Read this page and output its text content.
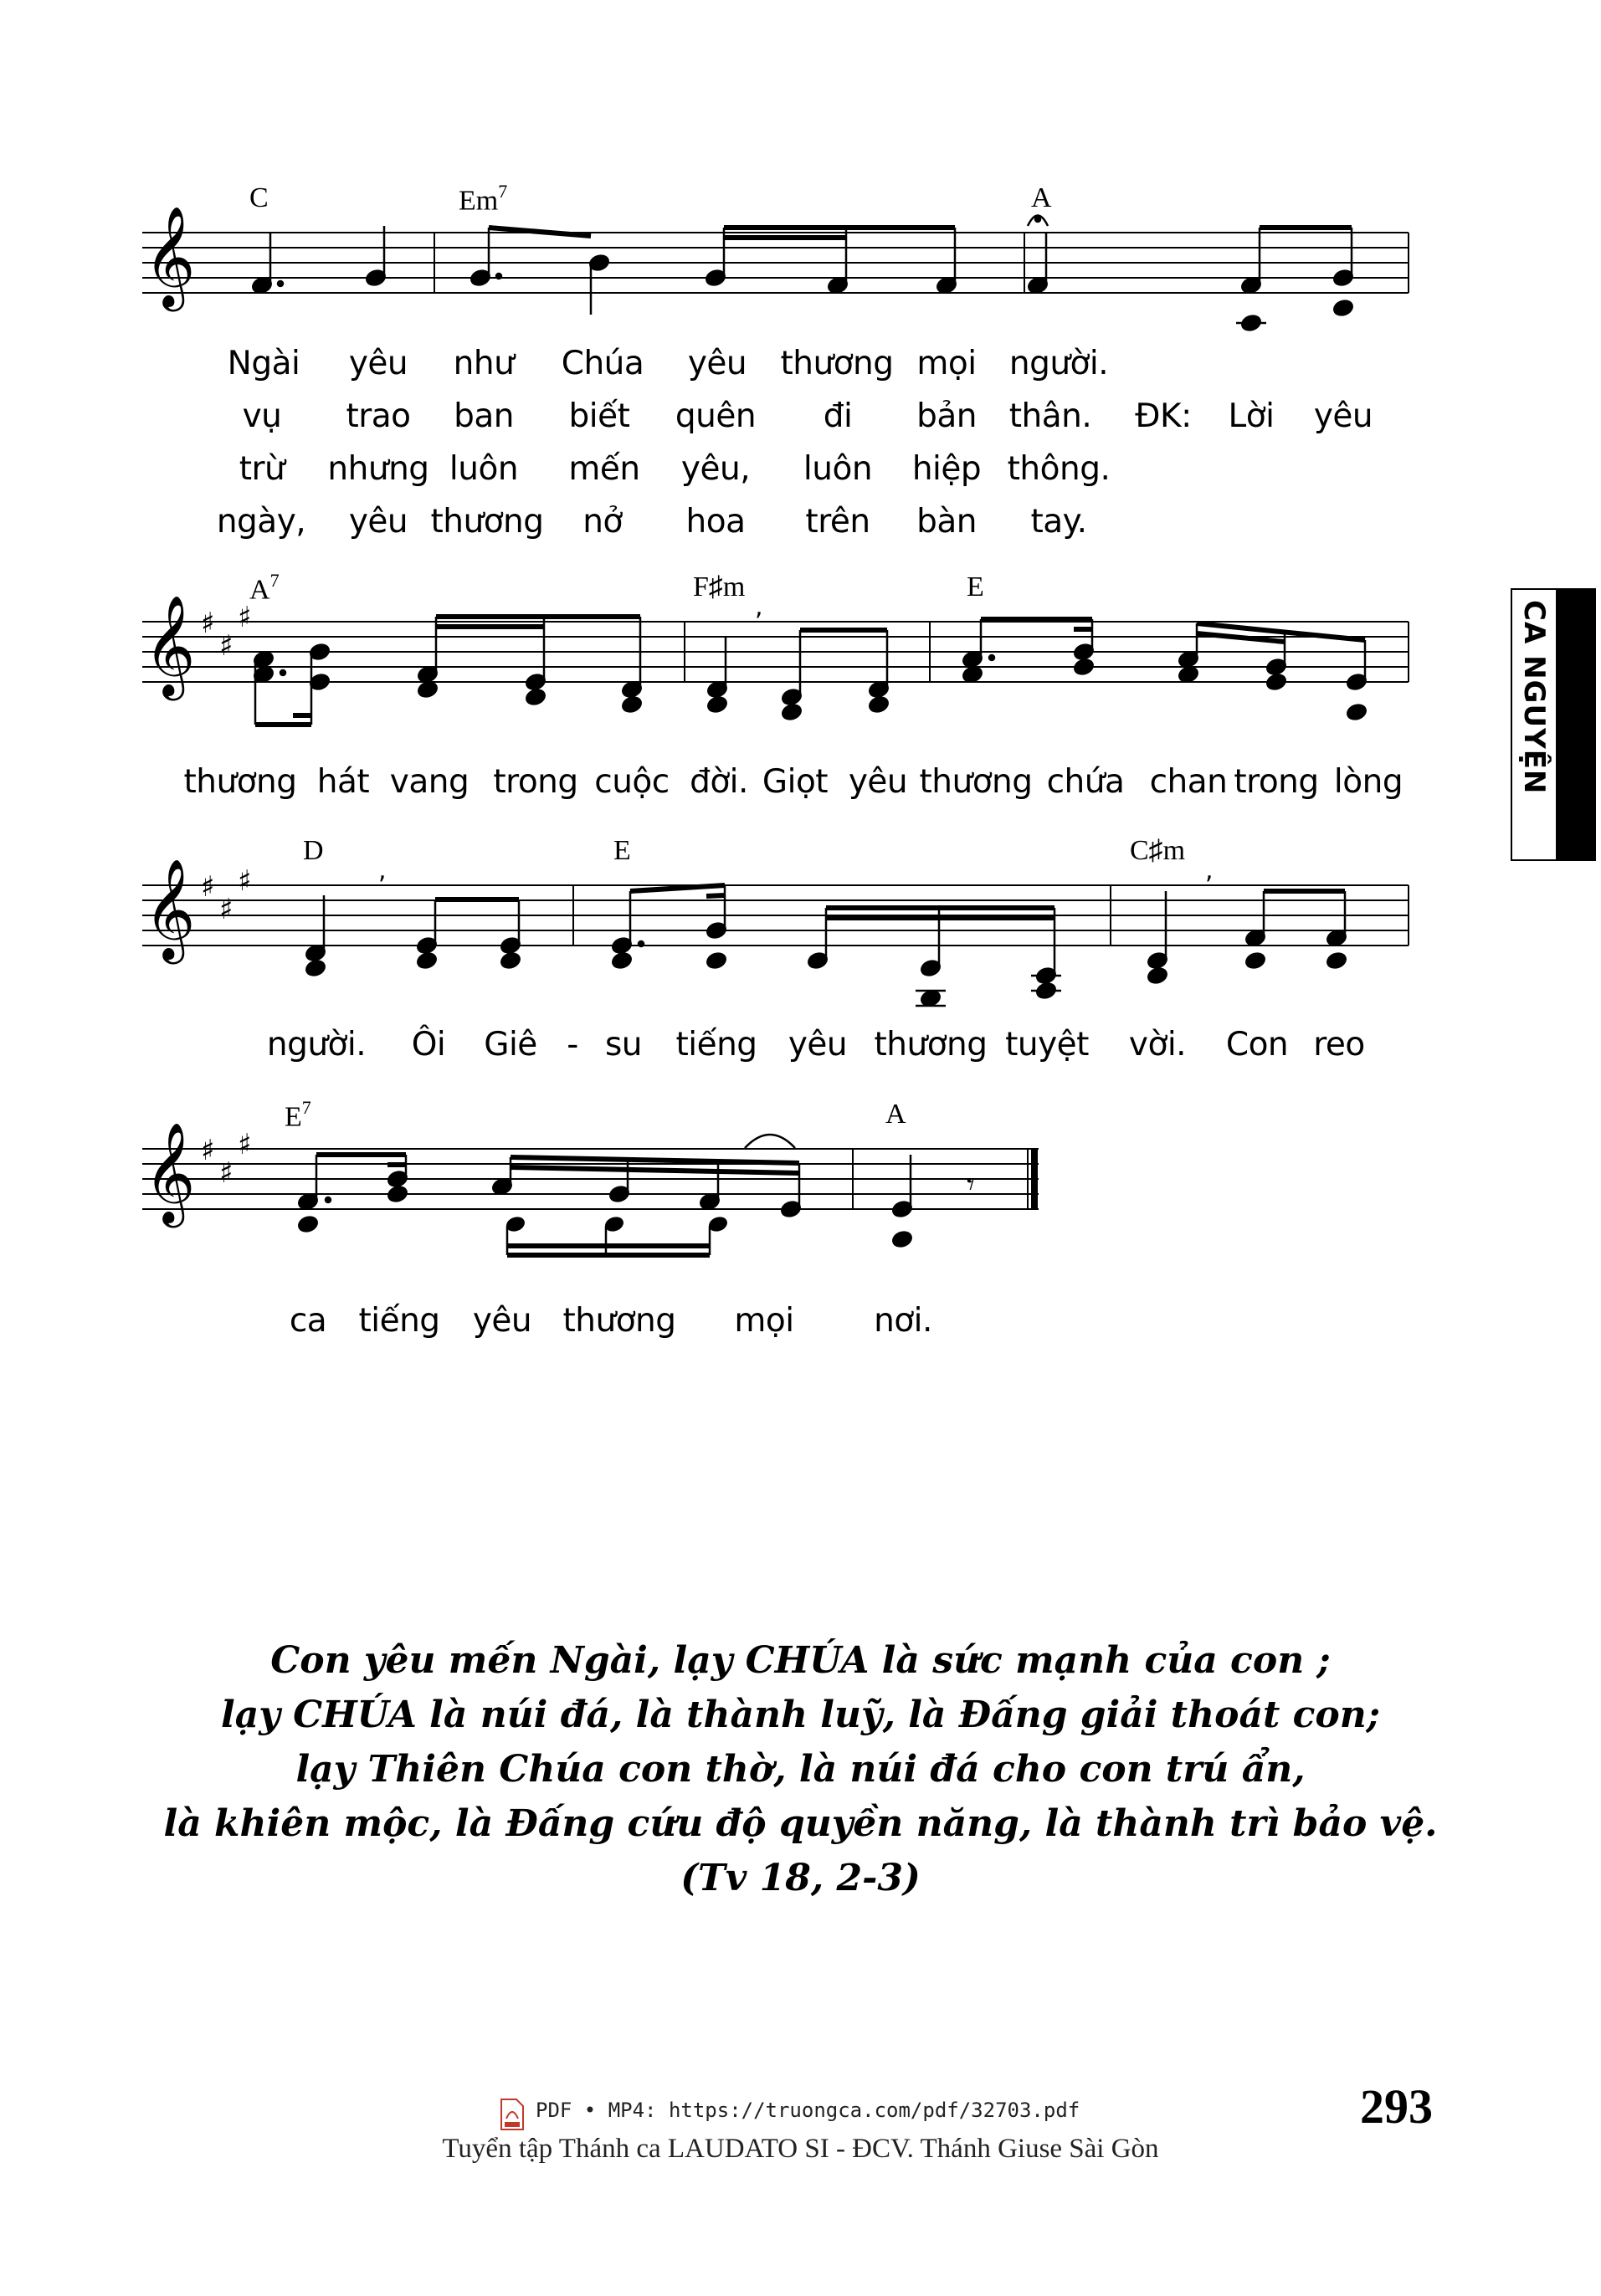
𝄞
𝄞
𝄞
𝄞
♯
♯
♯
♯
♯
♯
♯
♯
♯
,
,	,
𝄾
C	Em$^7$	A
$A^7$	F♯m	E
D	E	C♯m
$E^7$	A
Ngài yêu như Chúa yêu thương mọi người.
vụ trao ban biết quên đi bản thân. ĐK: Lời yêu
trừ nhưng luôn mến yêu, luôn hiệp thông.
ngày, yêu thương nở hoa trên bàn tay.
thương hát vang trong cuộc đời. Giọt yêu thương chứa chan trong lòng
người. Ôi Giê - su tiếng yêu thương tuyệt vời. Con reo
ca tiếng yêu thương mọi nơi.
CA NGUYỆN
Con yêu mến Ngài, lạy CHÚA là sức mạnh của con ;
lạy CHÚA là núi đá, là thành luỹ, là Đấng giải thoát con;
lạy Thiên Chúa con thờ, là núi đá cho con trú ẩn,
là khiên mộc, là Đấng cứu độ quyền năng, là thành trì bảo vệ.
(Tv 18, 2-3)
293
PDF • MP4: https://truongca.com/pdf/32703.pdf
Tuyển tập Thánh ca LAUDATO SI - ĐCV. Thánh Giuse Sài Gòn
